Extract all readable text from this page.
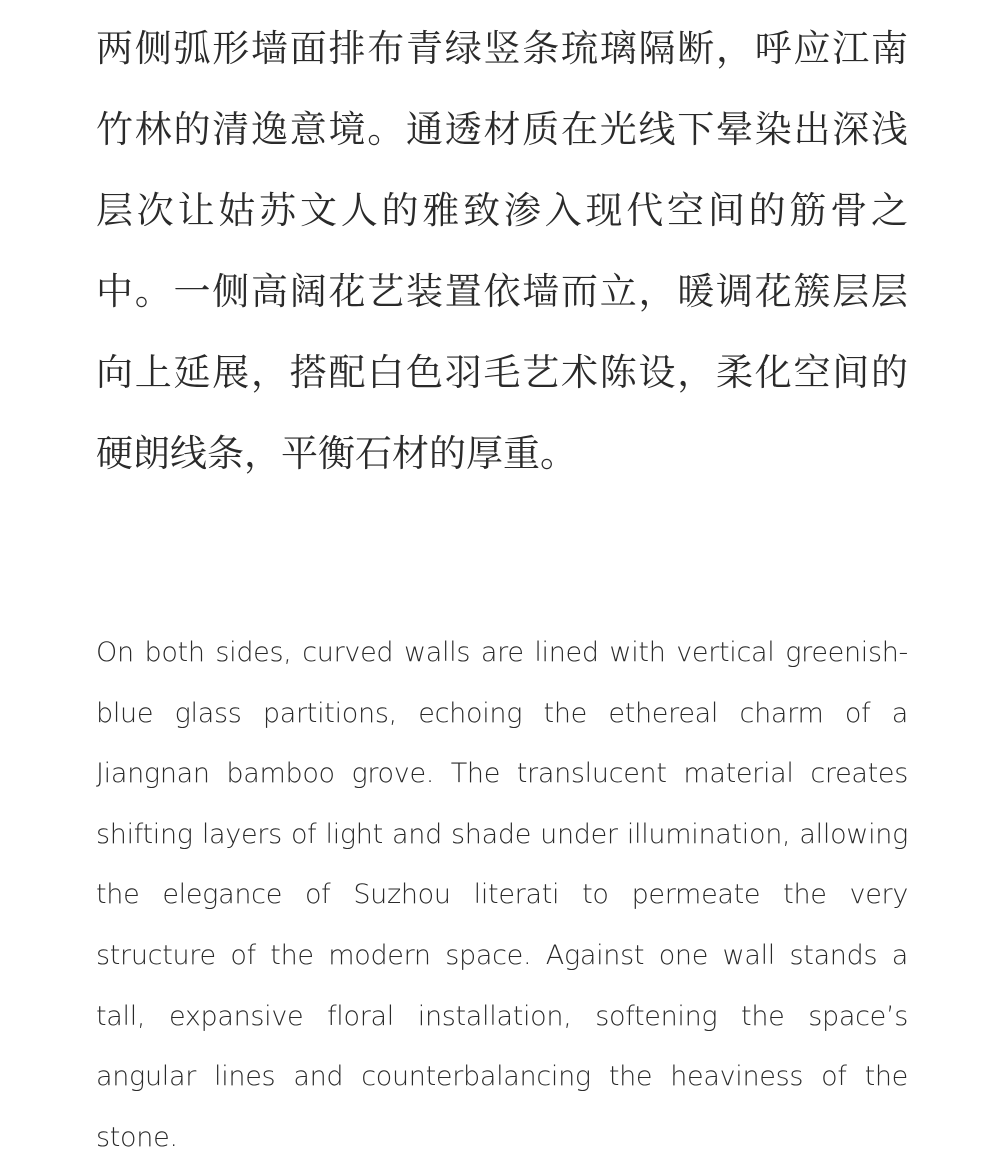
两侧弧形墙面排布青绿竖条琉璃隔断，呼应江南竹林的清逸意境。通透材质在光线下晕染出深浅层次让姑苏文人的雅致渗入现代空间的筋骨之中。一侧高阔花艺装置依墙而立，暖调花簇层层向上延展，搭配白色羽毛艺术陈设，柔化空间的硬朗线条，平衡石材的厚重。

On both sides, curved walls are lined with vertical greenish-blue glass partitions, echoing the ethereal charm of a Jiangnan bamboo grove. The translucent material creates shifting layers of light and shade under illumination, allowing the elegance of Suzhou literati to permeate the very structure of the modern space. Against one wall stands a tall, expansive floral installation, softening the space’s angular lines and counterbalancing the heaviness of the stone.
